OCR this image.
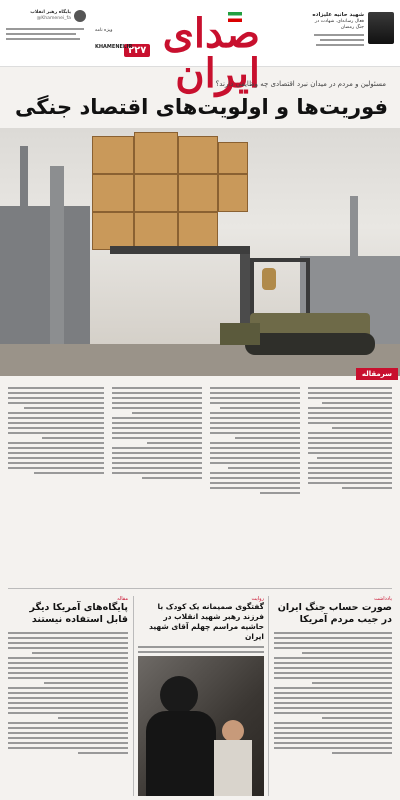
شهید حانیه علیزاده
فعال رسانه‌ای. شهادت در جنگ رمضان
صدای ایران
۲۲۷
KHAMENEI.IR
ویژه نامه
پایگاه رهبر انقلاب
@Khamenei_fa
مسئولین و مردم در میدان نبرد اقتصادی چه وظایفی دارند؟
فوریت‌ها و اولویت‌های اقتصاد جنگی
سرمقاله
یادداشت
صورت حساب جنگ ایران در جیب مردم آمریکا
روایت
گفتگوی صمیمانه یک کودک با فرزند رهبر شهید انقلاب در حاشیه مراسم چهلم آقای شهید ایران
مقاله
پایگاه‌های آمریکا دیگر قابل استفاده نیستند
